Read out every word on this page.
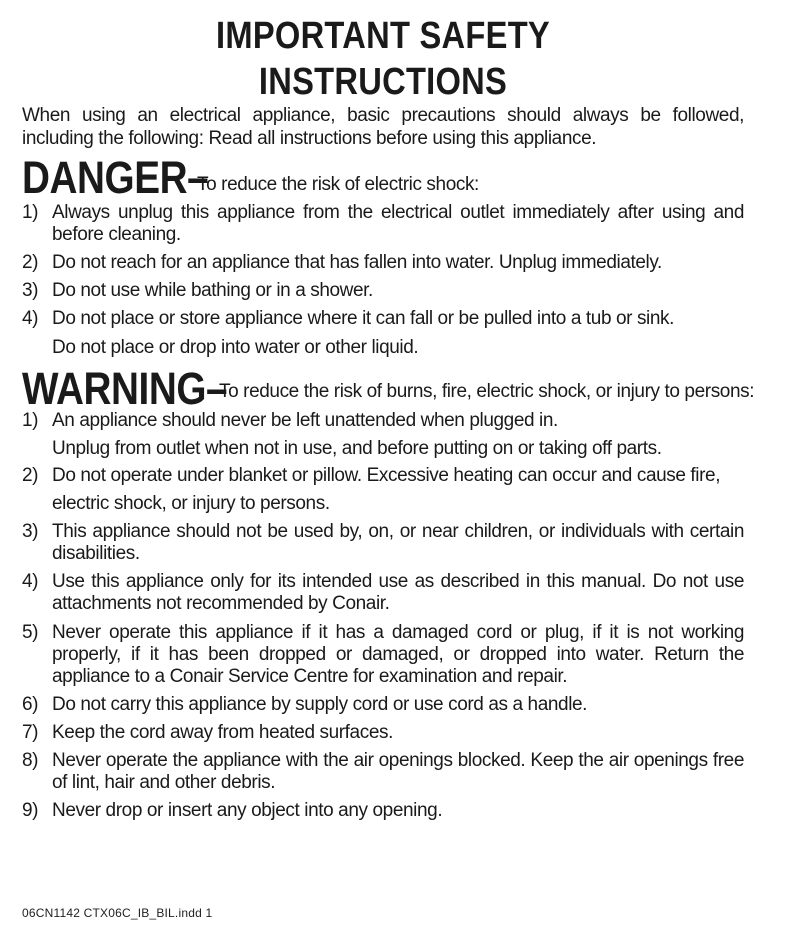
IMPORTANT SAFETY
INSTRUCTIONS
When using an electrical appliance, basic precautions should always be followed, including the following: Read all instructions before using this appliance.
DANGER–
To reduce the risk of electric shock:
1) Always unplug this appliance from the electrical outlet immediately after using and before cleaning.
2) Do not reach for an appliance that has fallen into water. Unplug immediately.
3) Do not use while bathing or in a shower.
4) Do not place or store appliance where it can fall or be pulled into a tub or sink.
Do not place or drop into water or other liquid.
WARNING–
To reduce the risk of burns, fire, electric shock, or injury to persons:
1) An appliance should never be left unattended when plugged in.
Unplug from outlet when not in use, and before putting on or taking off parts.
2) Do not operate under blanket or pillow. Excessive heating can occur and cause fire,
electric shock, or injury to persons.
3) This appliance should not be used by, on, or near children, or individuals with certain disabilities.
4) Use this appliance only for its intended use as described in this manual. Do not use attachments not recommended by Conair.
5) Never operate this appliance if it has a damaged cord or plug, if it is not working properly, if it has been dropped or damaged, or dropped into water. Return the appliance to a Conair Service Centre for examination and repair.
6) Do not carry this appliance by supply cord or use cord as a handle.
7) Keep the cord away from heated surfaces.
8) Never operate the appliance with the air openings blocked. Keep the air openings free of lint, hair and other debris.
9) Never drop or insert any object into any opening.
06CN1142 CTX06C_IB_BIL.indd 1
